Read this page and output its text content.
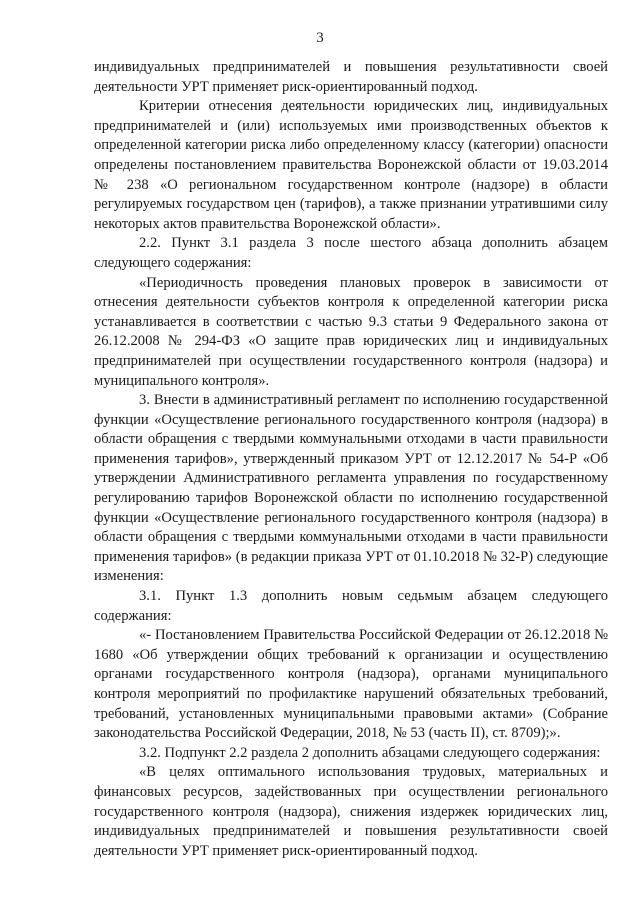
3

индивидуальных предпринимателей и повышения результативности своей деятельности УРТ применяет риск-ориентированный подход.

Критерии отнесения деятельности юридических лиц, индивидуальных предпринимателей и (или) используемых ими производственных объектов к определенной категории риска либо определенному классу (категории) опасности определены постановлением правительства Воронежской области от 19.03.2014 № 238 «О региональном государственном контроле (надзоре) в области регулируемых государством цен (тарифов), а также признании утратившими силу некоторых актов правительства Воронежской области».

2.2. Пункт 3.1 раздела 3 после шестого абзаца дополнить абзацем следующего содержания:

«Периодичность проведения плановых проверок в зависимости от отнесения деятельности субъектов контроля к определенной категории риска устанавливается в соответствии с частью 9.3 статьи 9 Федерального закона от 26.12.2008 № 294-ФЗ «О защите прав юридических лиц и индивидуальных предпринимателей при осуществлении государственного контроля (надзора) и муниципального контроля».

3. Внести в административный регламент по исполнению государственной функции «Осуществление регионального государственного контроля (надзора) в области обращения с твердыми коммунальными отходами в части правильности применения тарифов», утвержденный приказом УРТ от 12.12.2017 № 54-Р «Об утверждении Административного регламента управления по государственному регулированию тарифов Воронежской области по исполнению государственной функции «Осуществление регионального государственного контроля (надзора) в области обращения с твердыми коммунальными отходами в части правильности применения тарифов» (в редакции приказа УРТ от 01.10.2018 № 32-Р) следующие изменения:

3.1. Пункт 1.3 дополнить новым седьмым абзацем следующего содержания:

«- Постановлением Правительства Российской Федерации от 26.12.2018 № 1680 «Об утверждении общих требований к организации и осуществлению органами государственного контроля (надзора), органами муниципального контроля мероприятий по профилактике нарушений обязательных требований, требований, установленных муниципальными правовыми актами» (Собрание законодательства Российской Федерации, 2018, № 53 (часть II), ст. 8709);».

3.2. Подпункт 2.2 раздела 2 дополнить абзацами следующего содержания:

«В целях оптимального использования трудовых, материальных и финансовых ресурсов, задействованных при осуществлении регионального государственного контроля (надзора), снижения издержек юридических лиц, индивидуальных предпринимателей и повышения результативности своей деятельности УРТ применяет риск-ориентированный подход.
